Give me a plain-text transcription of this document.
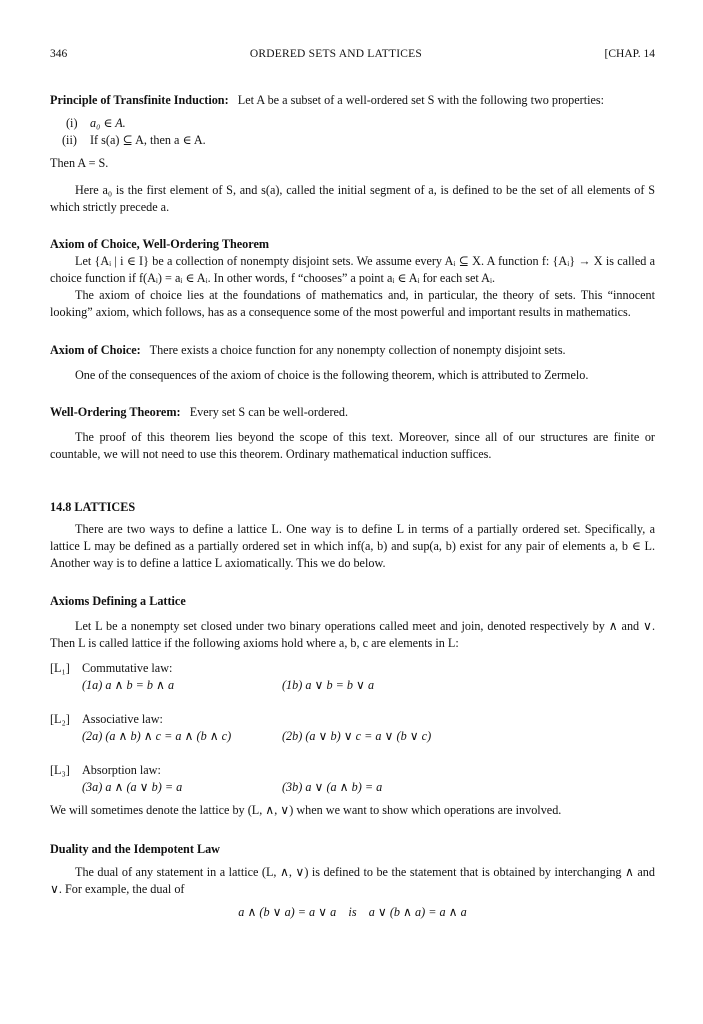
346	ORDERED SETS AND LATTICES	[CHAP. 14

Principle of Transfinite Induction: Let A be a subset of a well-ordered set S with the following two properties:

(i)	a₀ ∈ A.
(ii)	If s(a) ⊆ A, then a ∈ A.

Then A = S.

Here a₀ is the first element of S, and s(a), called the initial segment of a, is defined to be the set of all elements of S which strictly precede a.

Axiom of Choice, Well-Ordering Theorem

Let {Aᵢ | i ∈ I} be a collection of nonempty disjoint sets. We assume every Aᵢ ⊆ X. A function f: {Aᵢ} → X is called a choice function if f(Aᵢ) = aᵢ ∈ Aᵢ. In other words, f “chooses” a point aᵢ ∈ Aᵢ for each set Aᵢ.

The axiom of choice lies at the foundations of mathematics and, in particular, the theory of sets. This “innocent looking” axiom, which follows, has as a consequence some of the most powerful and important results in mathematics.

Axiom of Choice: There exists a choice function for any nonempty collection of nonempty disjoint sets.

One of the consequences of the axiom of choice is the following theorem, which is attributed to Zermelo.

Well-Ordering Theorem: Every set S can be well-ordered.

The proof of this theorem lies beyond the scope of this text. Moreover, since all of our structures are finite or countable, we will not need to use this theorem. Ordinary mathematical induction suffices.

14.8 LATTICES

There are two ways to define a lattice L. One way is to define L in terms of a partially ordered set. Specifically, a lattice L may be defined as a partially ordered set in which inf(a, b) and sup(a, b) exist for any pair of elements a, b ∈ L. Another way is to define a lattice L axiomatically. This we do below.

Axioms Defining a Lattice

Let L be a nonempty set closed under two binary operations called meet and join, denoted respectively by ∧ and ∨. Then L is called lattice if the following axioms hold where a, b, c are elements in L:

[L₁] Commutative law:
(1a) a ∧ b = b ∧ a	(1b) a ∨ b = b ∨ a
[L₂] Associative law:
(2a) (a ∧ b) ∧ c = a ∧ (b ∧ c)	(2b) (a ∨ b) ∨ c = a ∨ (b ∨ c)
[L₃] Absorption law:
(3a) a ∧ (a ∨ b) = a	(3b) a ∨ (a ∧ b) = a

We will sometimes denote the lattice by (L, ∧, ∨) when we want to show which operations are involved.

Duality and the Idempotent Law

The dual of any statement in a lattice (L, ∧, ∨) is defined to be the statement that is obtained by interchanging ∧ and ∨. For example, the dual of

a ∧ (b ∨ a) = a ∨ a    is    a ∨ (b ∧ a) = a ∧ a
